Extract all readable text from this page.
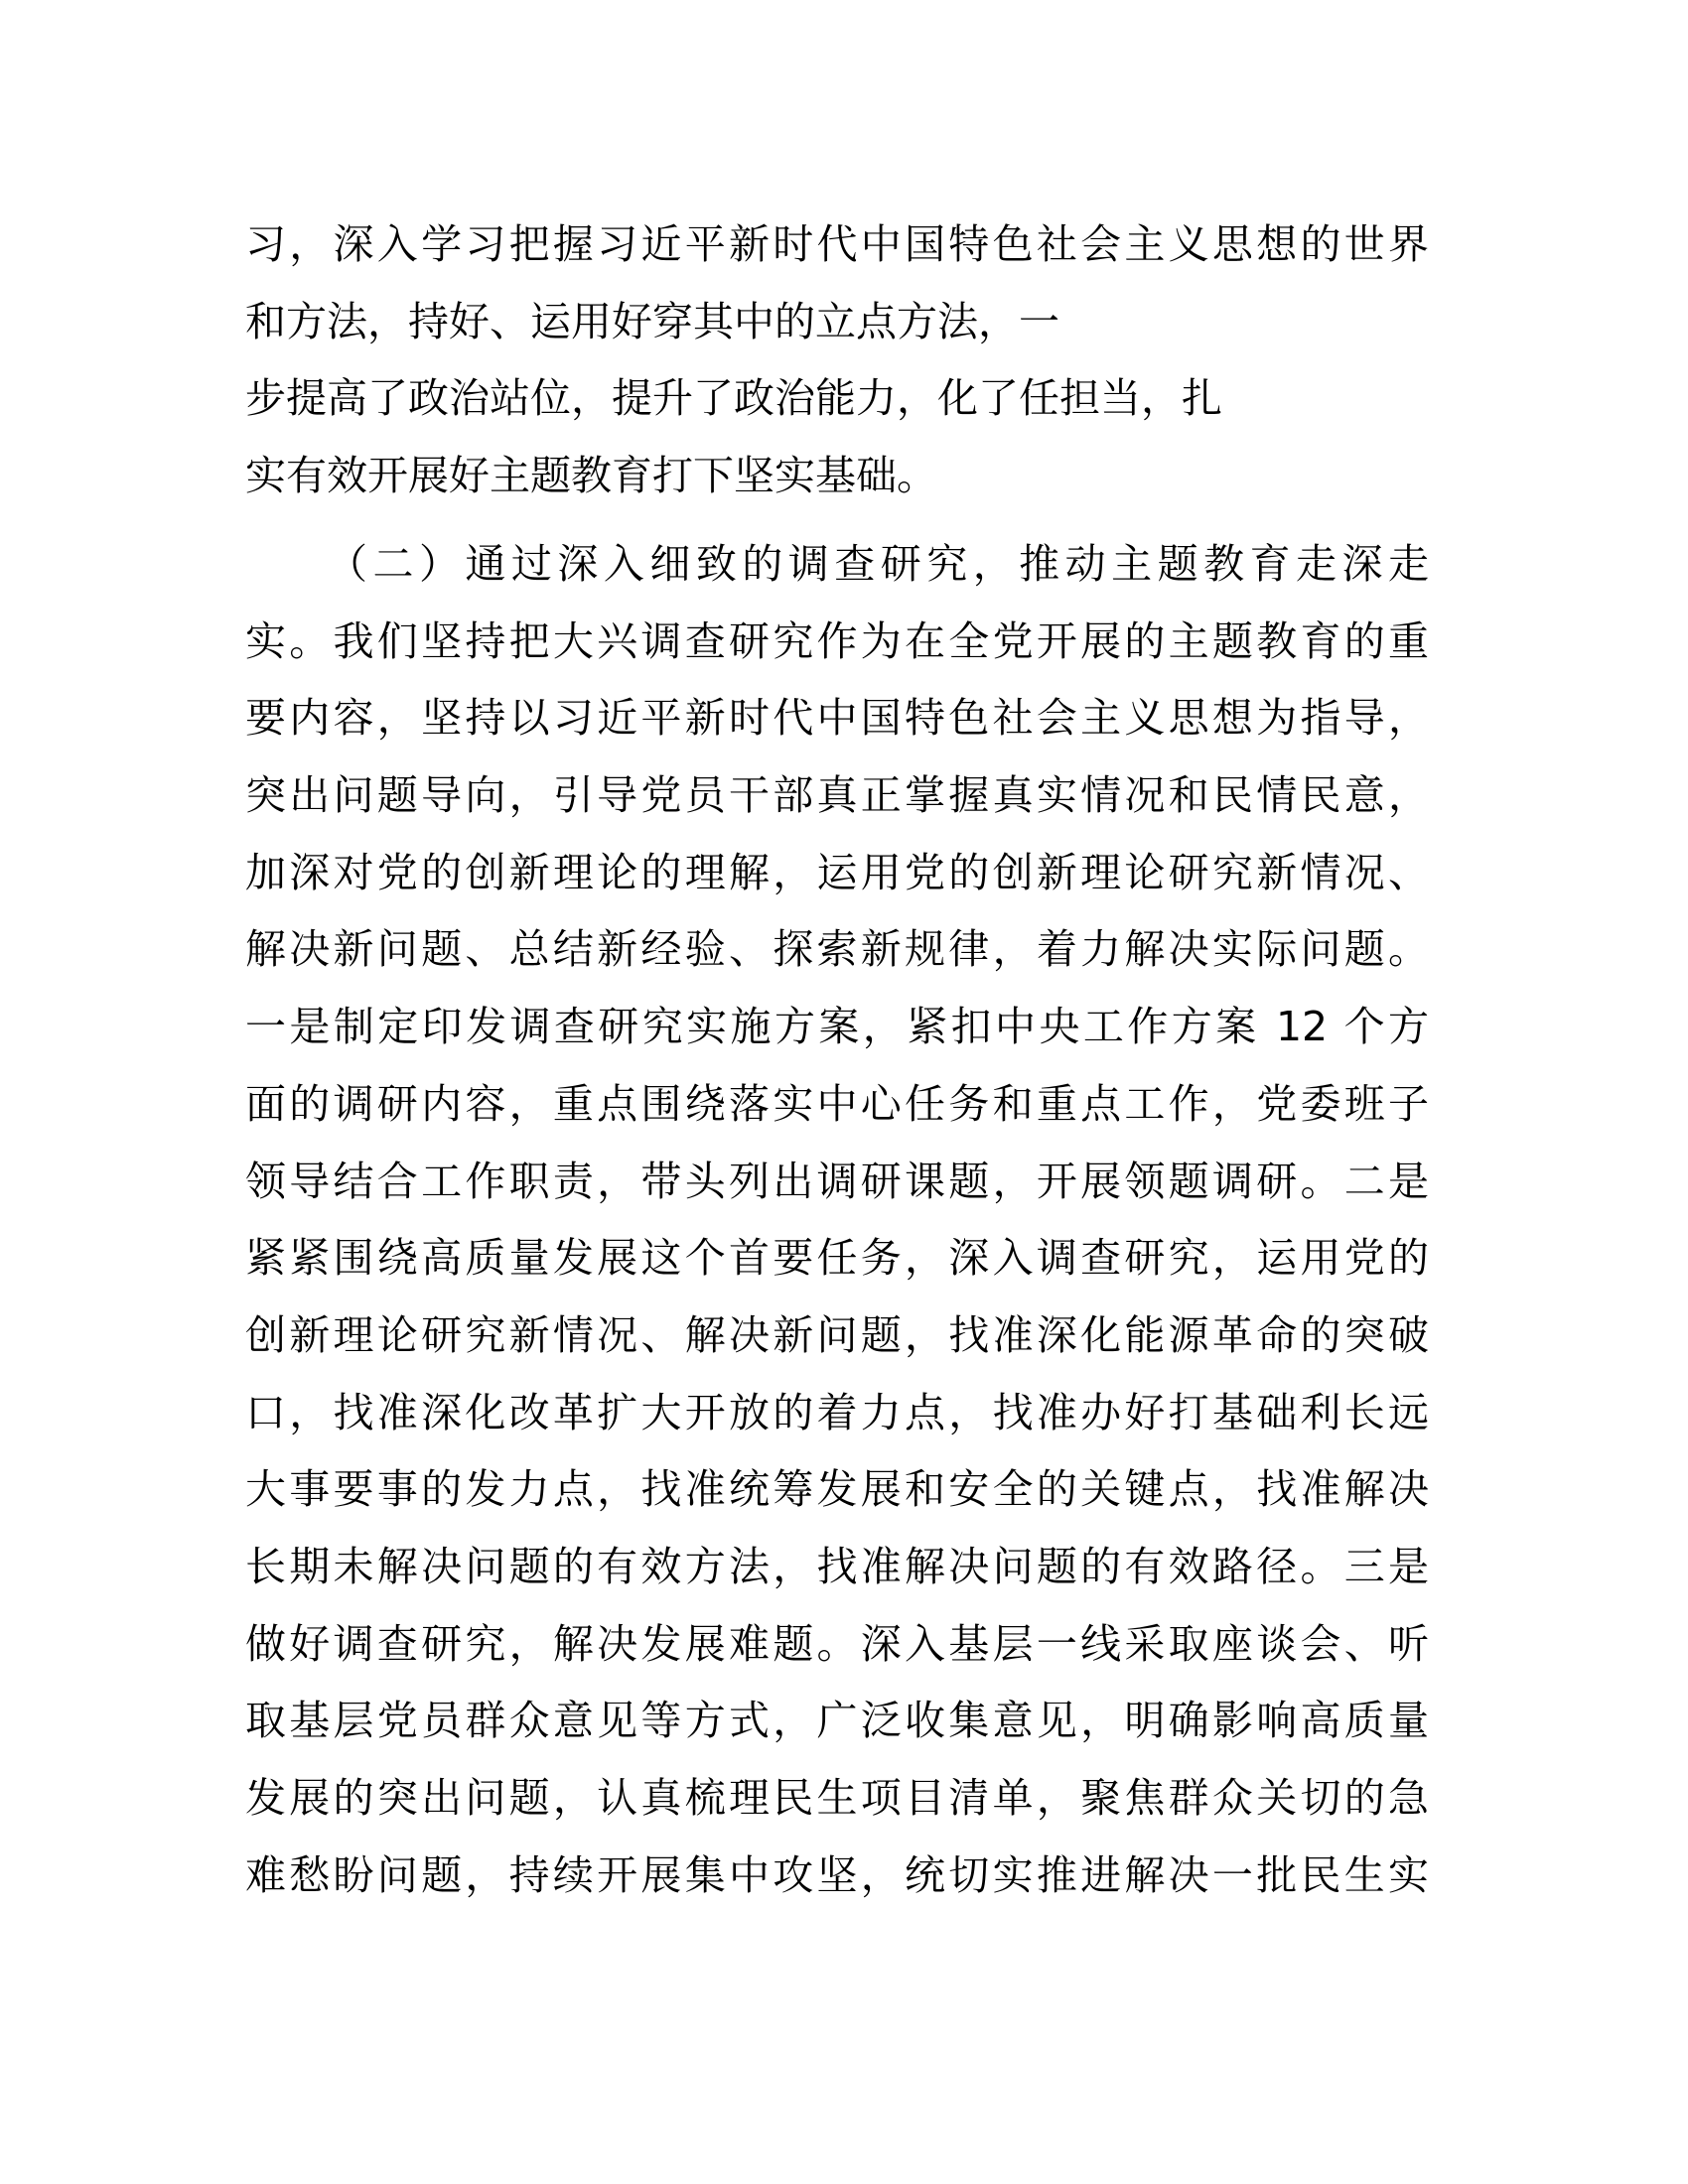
习，深入学习把握习近平新时代中国特色社会主义思想的世界
和方法，持好、运用好穿其中的立点方法，一
步提高了政治站位，提升了政治能力，化了任担当，扎
实有效开展好主题教育打下坚实基础。
（二）通过深入细致的调查研究，推动主题教育走深走
实。我们坚持把大兴调查研究作为在全党开展的主题教育的重
要内容，坚持以习近平新时代中国特色社会主义思想为指导，
突出问题导向，引导党员干部真正掌握真实情况和民情民意，
加深对党的创新理论的理解，运用党的创新理论研究新情况、
解决新问题、总结新经验、探索新规律，着力解决实际问题。
一是制定印发调查研究实施方案，紧扣中央工作方案 12 个方
面的调研内容，重点围绕落实中心任务和重点工作，党委班子
领导结合工作职责，带头列出调研课题，开展领题调研。二是
紧紧围绕高质量发展这个首要任务，深入调查研究，运用党的
创新理论研究新情况、解决新问题，找准深化能源革命的突破
口，找准深化改革扩大开放的着力点，找准办好打基础利长远
大事要事的发力点，找准统筹发展和安全的关键点，找准解决
长期未解决问题的有效方法，找准解决问题的有效路径。三是
做好调查研究，解决发展难题。深入基层一线采取座谈会、听
取基层党员群众意见等方式，广泛收集意见，明确影响高质量
发展的突出问题，认真梳理民生项目清单，聚焦群众关切的急
难愁盼问题，持续开展集中攻坚，统切实推进解决一批民生实
